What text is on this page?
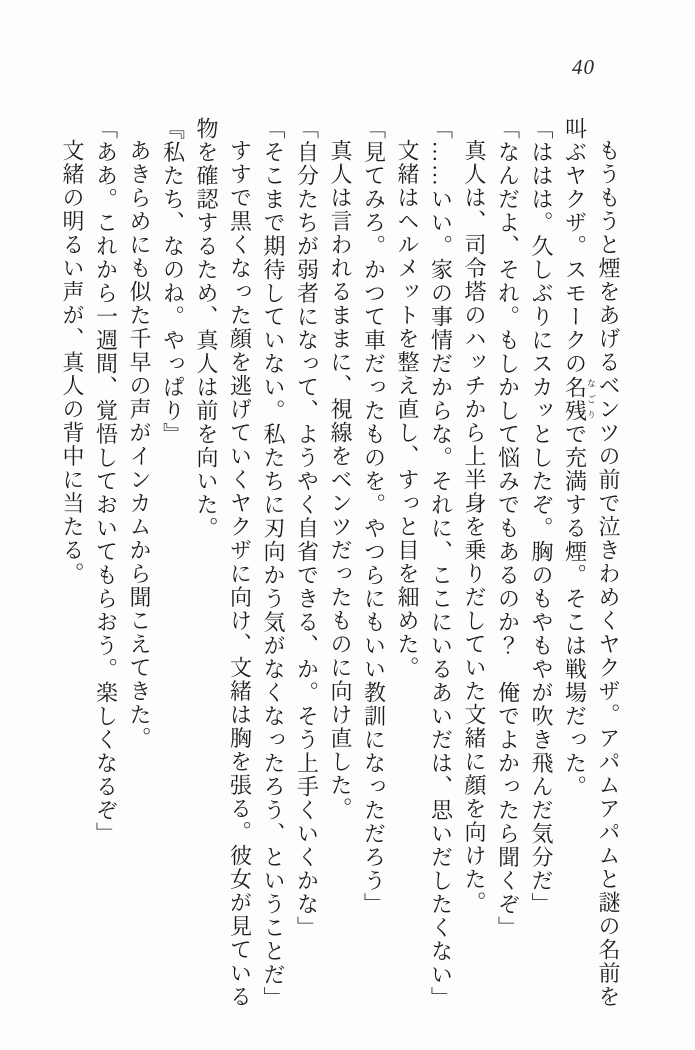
40

もうもうと煙をあげるベンツの前で泣きわめくヤクザ。アパムアパムと謎の名前を叫ぶヤクザ。スモークの名残なごりで充満する煙。そこは戦場だった。

「ははは。久しぶりにスカッとしたぞ。胸のもやもやが吹き飛んだ気分だ」

「なんだよ、それ。もしかして悩みでもあるのか？　俺でよかったら聞くぞ」

真人は、司令塔のハッチから上半身を乗りだしていた文緒に顔を向けた。

「……いい。家の事情だからな。それに、ここにいるあいだは、思いだしたくない」

文緒はヘルメットを整え直し、すっと目を細めた。

「見てみろ。かつて車だったものを。やつらにもいい教訓になっただろう」

真人は言われるままに、視線をベンツだったものに向け直した。

「自分たちが弱者になって、ようやく自省できる、か。そう上手くいくかな」

「そこまで期待していない。私たちに刃向かう気がなくなったろう、ということだ」

すすで黒くなった顔を逃げていくヤクザに向け、文緒は胸を張る。彼女が見ている物を確認するため、真人は前を向いた。

『私たち、なのね。やっぱり』

あきらめにも似た千早の声がインカムから聞こえてきた。

「ああ。これから一週間、覚悟しておいてもらおう。楽しくなるぞ」

文緒の明るい声が、真人の背中に当たる。
